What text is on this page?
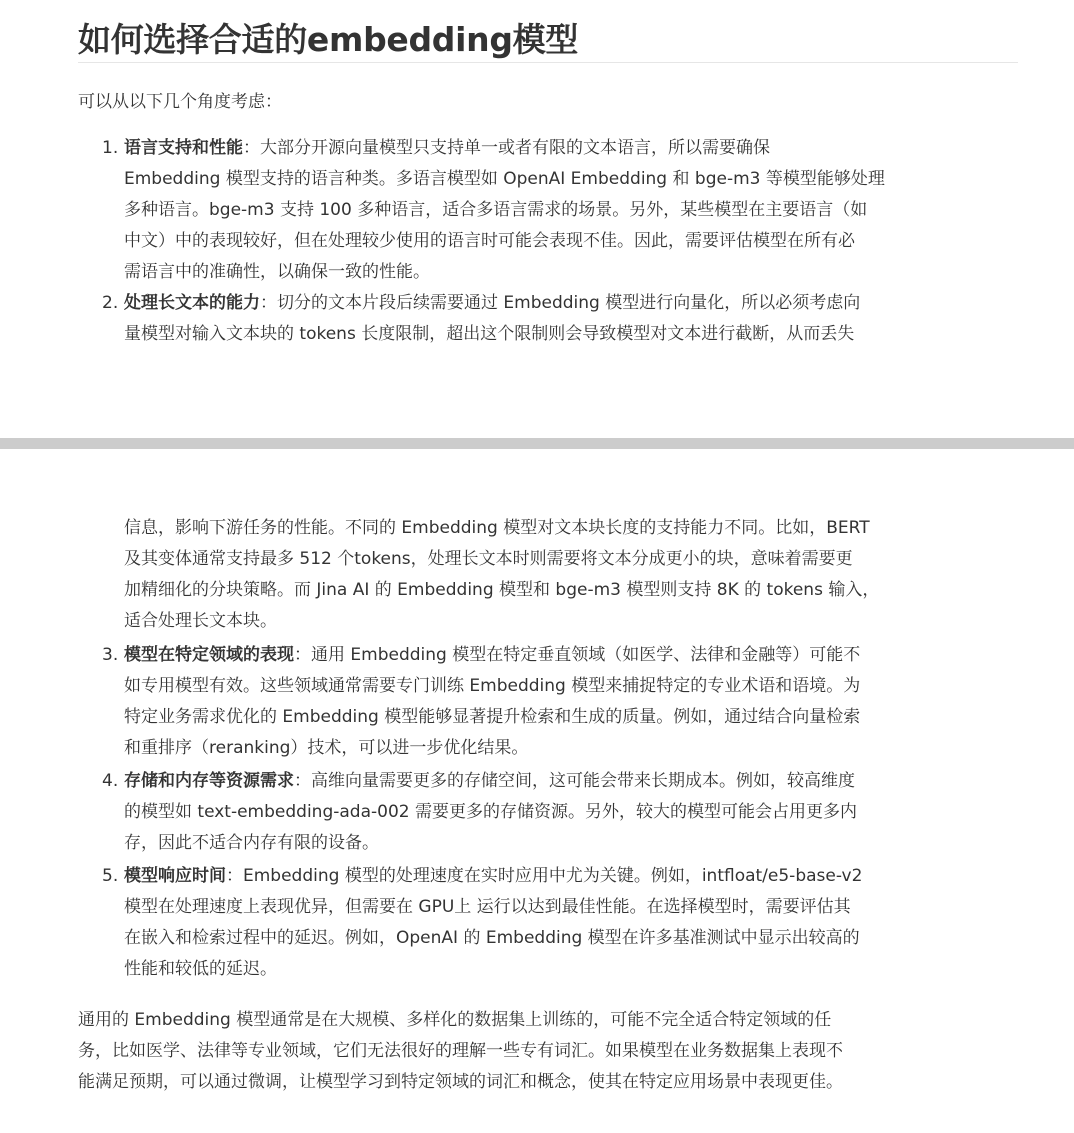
如何选择合适的embedding模型

可以从以下几个角度考虑：

1. 语言支持和性能：大部分开源向量模型只支持单一或者有限的文本语言，所以需要确保
Embedding 模型支持的语言种类。多语言模型如 OpenAI Embedding 和 bge-m3 等模型能够处理
多种语言。bge-m3 支持 100 多种语言，适合多语言需求的场景。另外，某些模型在主要语言（如
中文）中的表现较好，但在处理较少使用的语言时可能会表现不佳。因此，需要评估模型在所有必
需语言中的准确性，以确保一致的性能。
2. 处理长文本的能力：切分的文本片段后续需要通过 Embedding 模型进行向量化，所以必须考虑向
量模型对输入文本块的 tokens 长度限制，超出这个限制则会导致模型对文本进行截断，从而丢失
信息，影响下游任务的性能。不同的 Embedding 模型对文本块长度的支持能力不同。比如，BERT
及其变体通常支持最多 512 个tokens，处理长文本时则需要将文本分成更小的块，意味着需要更
加精细化的分块策略。而 Jina AI 的 Embedding 模型和 bge-m3 模型则支持 8K 的 tokens 输入，
适合处理长文本块。
3. 模型在特定领域的表现：通用 Embedding 模型在特定垂直领域（如医学、法律和金融等）可能不
如专用模型有效。这些领域通常需要专门训练 Embedding 模型来捕捉特定的专业术语和语境。为
特定业务需求优化的 Embedding 模型能够显著提升检索和生成的质量。例如，通过结合向量检索
和重排序（reranking）技术，可以进一步优化结果。
4. 存储和内存等资源需求：高维向量需要更多的存储空间，这可能会带来长期成本。例如，较高维度
的模型如 text-embedding-ada-002 需要更多的存储资源。另外，较大的模型可能会占用更多内
存，因此不适合内存有限的设备。
5. 模型响应时间：Embedding 模型的处理速度在实时应用中尤为关键。例如，intfloat/e5-base-v2
模型在处理速度上表现优异，但需要在 GPU上 运行以达到最佳性能。在选择模型时，需要评估其
在嵌入和检索过程中的延迟。例如，OpenAI 的 Embedding 模型在许多基准测试中显示出较高的
性能和较低的延迟。
通用的 Embedding 模型通常是在大规模、多样化的数据集上训练的，可能不完全适合特定领域的任
务，比如医学、法律等专业领域，它们无法很好的理解一些专有词汇。如果模型在业务数据集上表现不
能满足预期，可以通过微调，让模型学习到特定领域的词汇和概念，使其在特定应用场景中表现更佳。
